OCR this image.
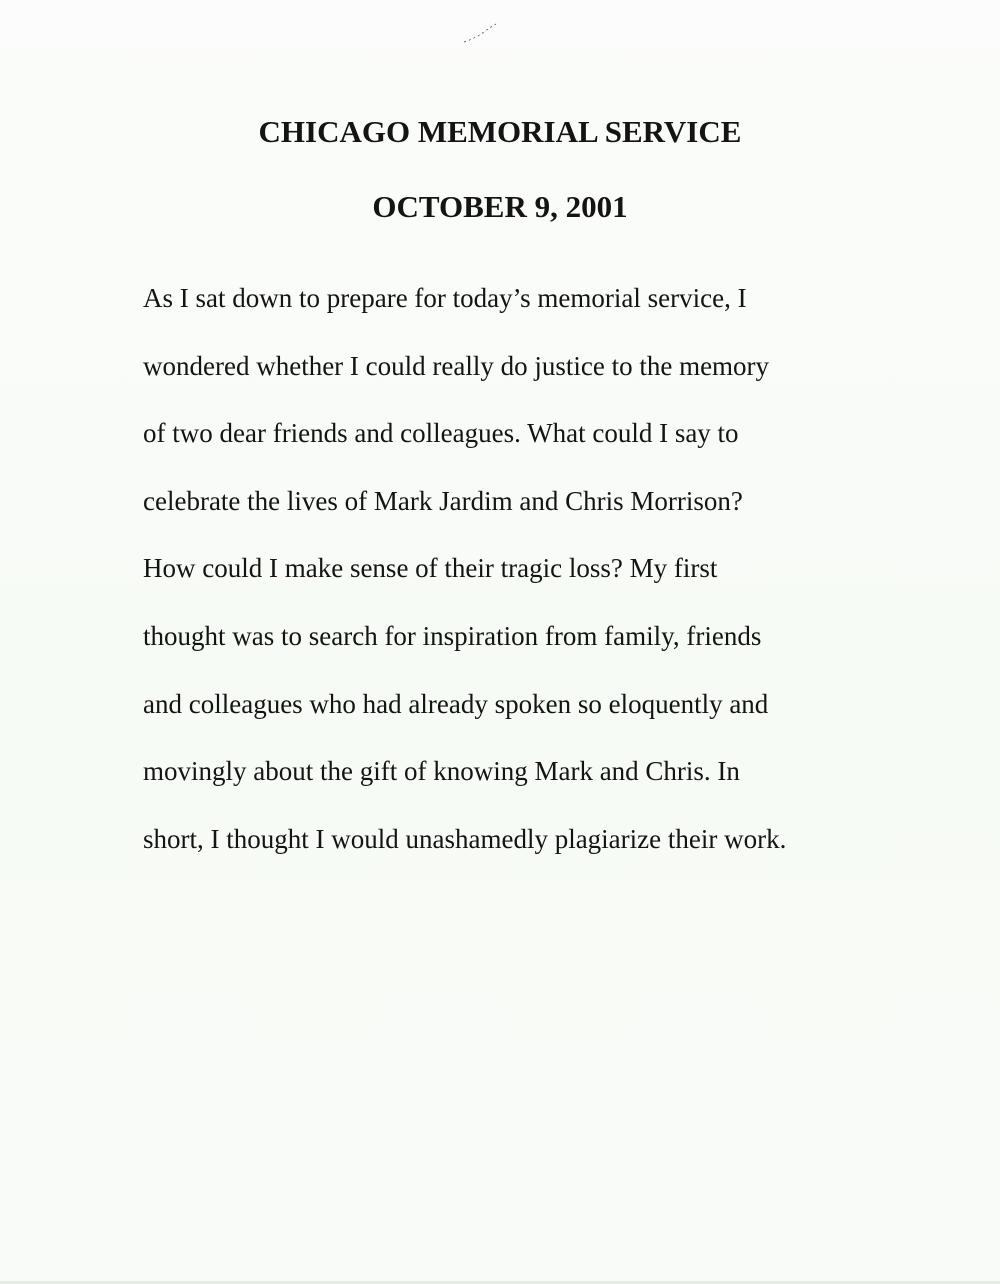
CHICAGO MEMORIAL SERVICE
OCTOBER 9, 2001
As I sat down to prepare for today’s memorial service, I
wondered whether I could really do justice to the memory
of two dear friends and colleagues. What could I say to
celebrate the lives of Mark Jardim and Chris Morrison?
How could I make sense of their tragic loss? My first
thought was to search for inspiration from family, friends
and colleagues who had already spoken so eloquently and
movingly about the gift of knowing Mark and Chris. In
short, I thought I would unashamedly plagiarize their work.
